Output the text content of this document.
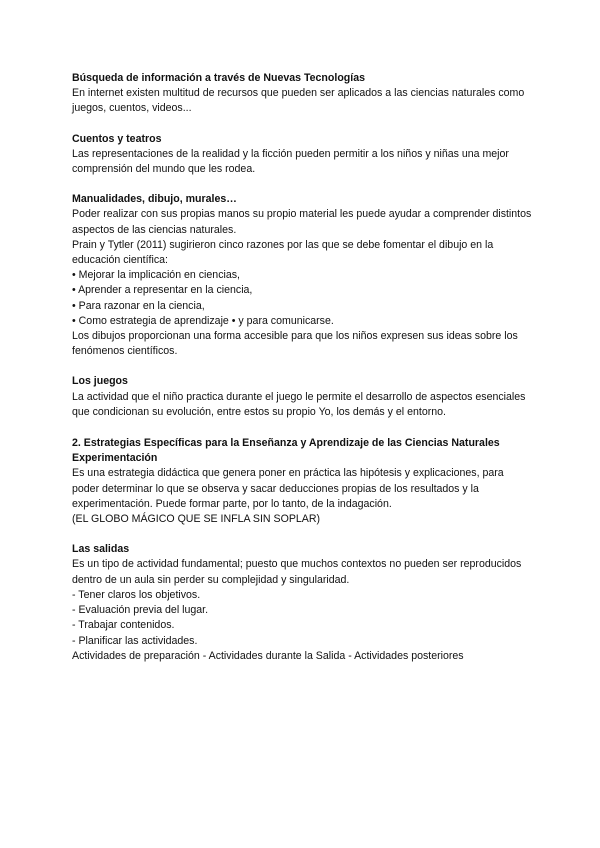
Búsqueda de información a través de Nuevas Tecnologías

En internet existen multitud de recursos que pueden ser aplicados a las ciencias naturales como juegos, cuentos, videos...

Cuentos y teatros

Las representaciones de la realidad y la ficción pueden permitir a los niños y niñas una mejor comprensión del mundo que les rodea.

Manualidades, dibujo, murales…

Poder realizar con sus propias manos su propio material les puede ayudar a comprender distintos aspectos de las ciencias naturales.

Prain y Tytler (2011) sugirieron cinco razones por las que se debe fomentar el dibujo en la educación científica:

• Mejorar la implicación en ciencias,

• Aprender a representar en la ciencia,

• Para razonar en la ciencia,

• Como estrategia de aprendizaje • y para comunicarse.

Los dibujos proporcionan una forma accesible para que los niños expresen sus ideas sobre los fenómenos científicos.

Los juegos

La actividad que el niño practica durante el juego le permite el desarrollo de aspectos esenciales que condicionan su evolución, entre estos su propio Yo, los demás y el entorno.

2. Estrategias Específicas para la Enseñanza y Aprendizaje de las Ciencias Naturales

Experimentación

Es una estrategia didáctica que genera poner en práctica las hipótesis y explicaciones, para poder determinar lo que se observa y sacar deducciones propias de los resultados y la experimentación. Puede formar parte, por lo tanto, de la indagación.

(EL GLOBO MÁGICO QUE SE INFLA SIN SOPLAR)

Las salidas

Es un tipo de actividad fundamental; puesto que muchos contextos no pueden ser reproducidos dentro de un aula sin perder su complejidad y singularidad.

- Tener claros los objetivos.

- Evaluación previa del lugar.

- Trabajar contenidos.

- Planificar las actividades.

Actividades de preparación - Actividades durante la Salida - Actividades posteriores
